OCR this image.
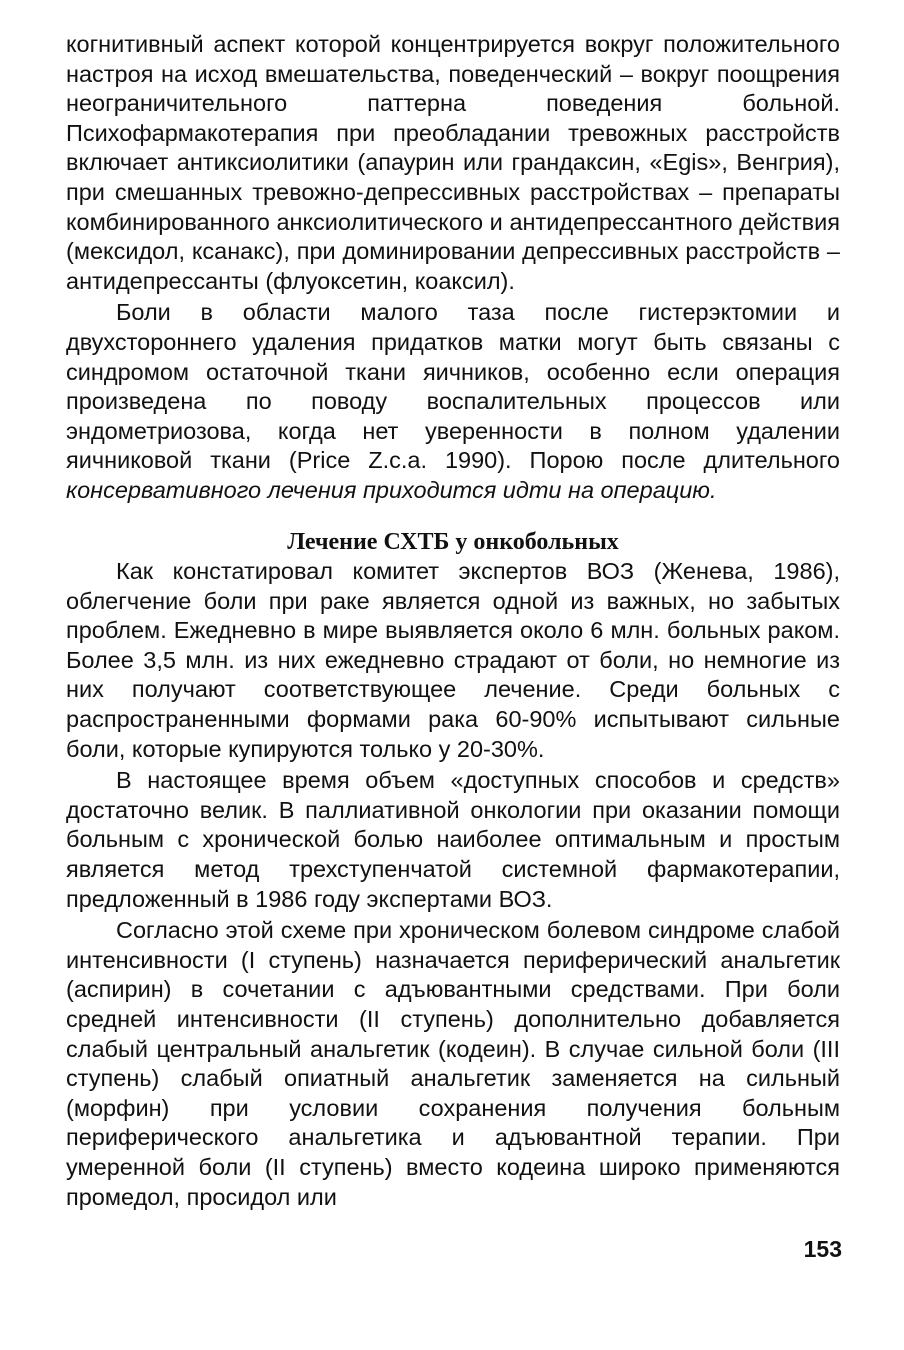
когнитивный аспект которой концентрируется вокруг положительного настроя на исход вмешательства, поведенческий – вокруг поощрения неограничительного паттерна поведения больной. Психофармакотерапия при преобладании тревожных расстройств включает антиксиолитики (апаурин или грандаксин, «Egis», Венгрия), при смешанных тревожно-депрессивных расстройствах – препараты комбинированного анксиолитического и антидепрессантного действия (мексидол, ксанакс), при доминировании депрессивных расстройств – антидепрессанты (флуоксетин, коаксил).

Боли в области малого таза после гистерэктомии и двухстороннего удаления придатков матки могут быть связаны с синдромом остаточной ткани яичников, особенно если операция произведена по поводу воспалительных процессов или эндометриозова, когда нет уверенности в полном удалении яичниковой ткани (Price Z.c.a. 1990). Порою после длительного консервативного лечения приходится идти на операцию.

Лечение СХТБ у онкобольных

Как констатировал комитет экспертов ВОЗ (Женева, 1986), облегчение боли при раке является одной из важных, но забытых проблем. Ежедневно в мире выявляется около 6 млн. больных раком. Более 3,5 млн. из них ежедневно страдают от боли, но немногие из них получают соответствующее лечение. Среди больных с распространенными формами рака 60-90% испытывают сильные боли, которые купируются только у 20-30%.

В настоящее время объем «доступных способов и средств» достаточно велик. В паллиативной онкологии при оказании помощи больным с хронической болью наиболее оптимальным и простым является метод трехступенчатой системной фармакотерапии, предложенный в 1986 году экспертами ВОЗ.

Согласно этой схеме при хроническом болевом синдроме слабой интенсивности (I ступень) назначается периферический анальгетик (аспирин) в сочетании с адъювантными средствами. При боли средней интенсивности (II ступень) дополнительно добавляется слабый центральный анальгетик (кодеин). В случае сильной боли (III ступень) слабый опиатный анальгетик заменяется на сильный (морфин) при условии сохранения получения больным периферического анальгетика и адъювантной терапии. При умеренной боли (II ступень) вместо кодеина широко применяются промедол, просидол или

153
